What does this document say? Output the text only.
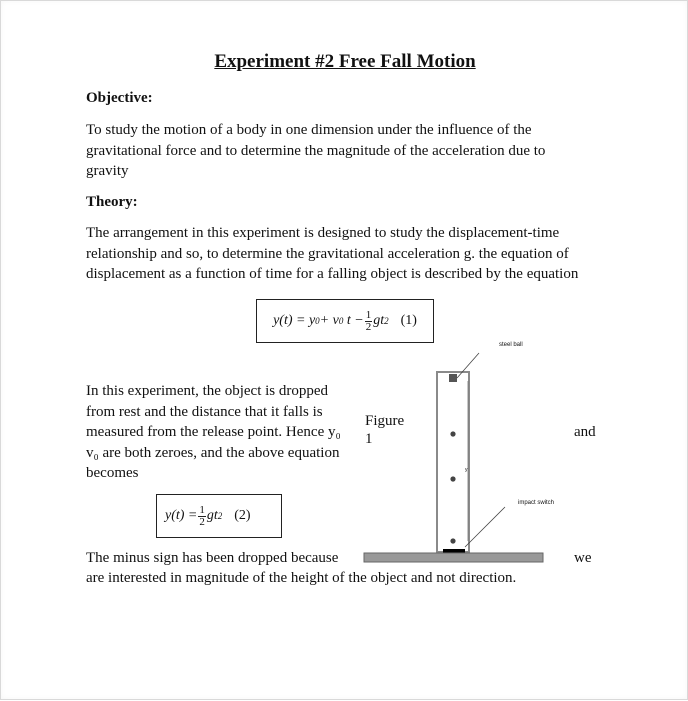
Experiment #2 Free Fall Motion
Objective:
To study the motion of a body in one dimension under the influence of the
gravitational force and to determine the magnitude of the acceleration due to
gravity
Theory:
The arrangement in this experiment is designed to study the displacement-time
relationship and so, to determine the gravitational acceleration g. the equation of
displacement as a function of time for a falling object is described by the equation
y(t) = y 0 + v 0
$t - \frac{1}{2}$ gt 2 (1)
In this experiment, the object is dropped
from rest and the distance that it falls is
measured from the release point. Hence y₀
v₀ are both zeroes, and the above equation
becomes
Figure
1	and
we
$y(t) = \frac{1}{2}$ gt 2 (2)
The minus sign has been dropped because
are interested in magnitude of the height of the object and not direction.
steel ball
y
impact switch
